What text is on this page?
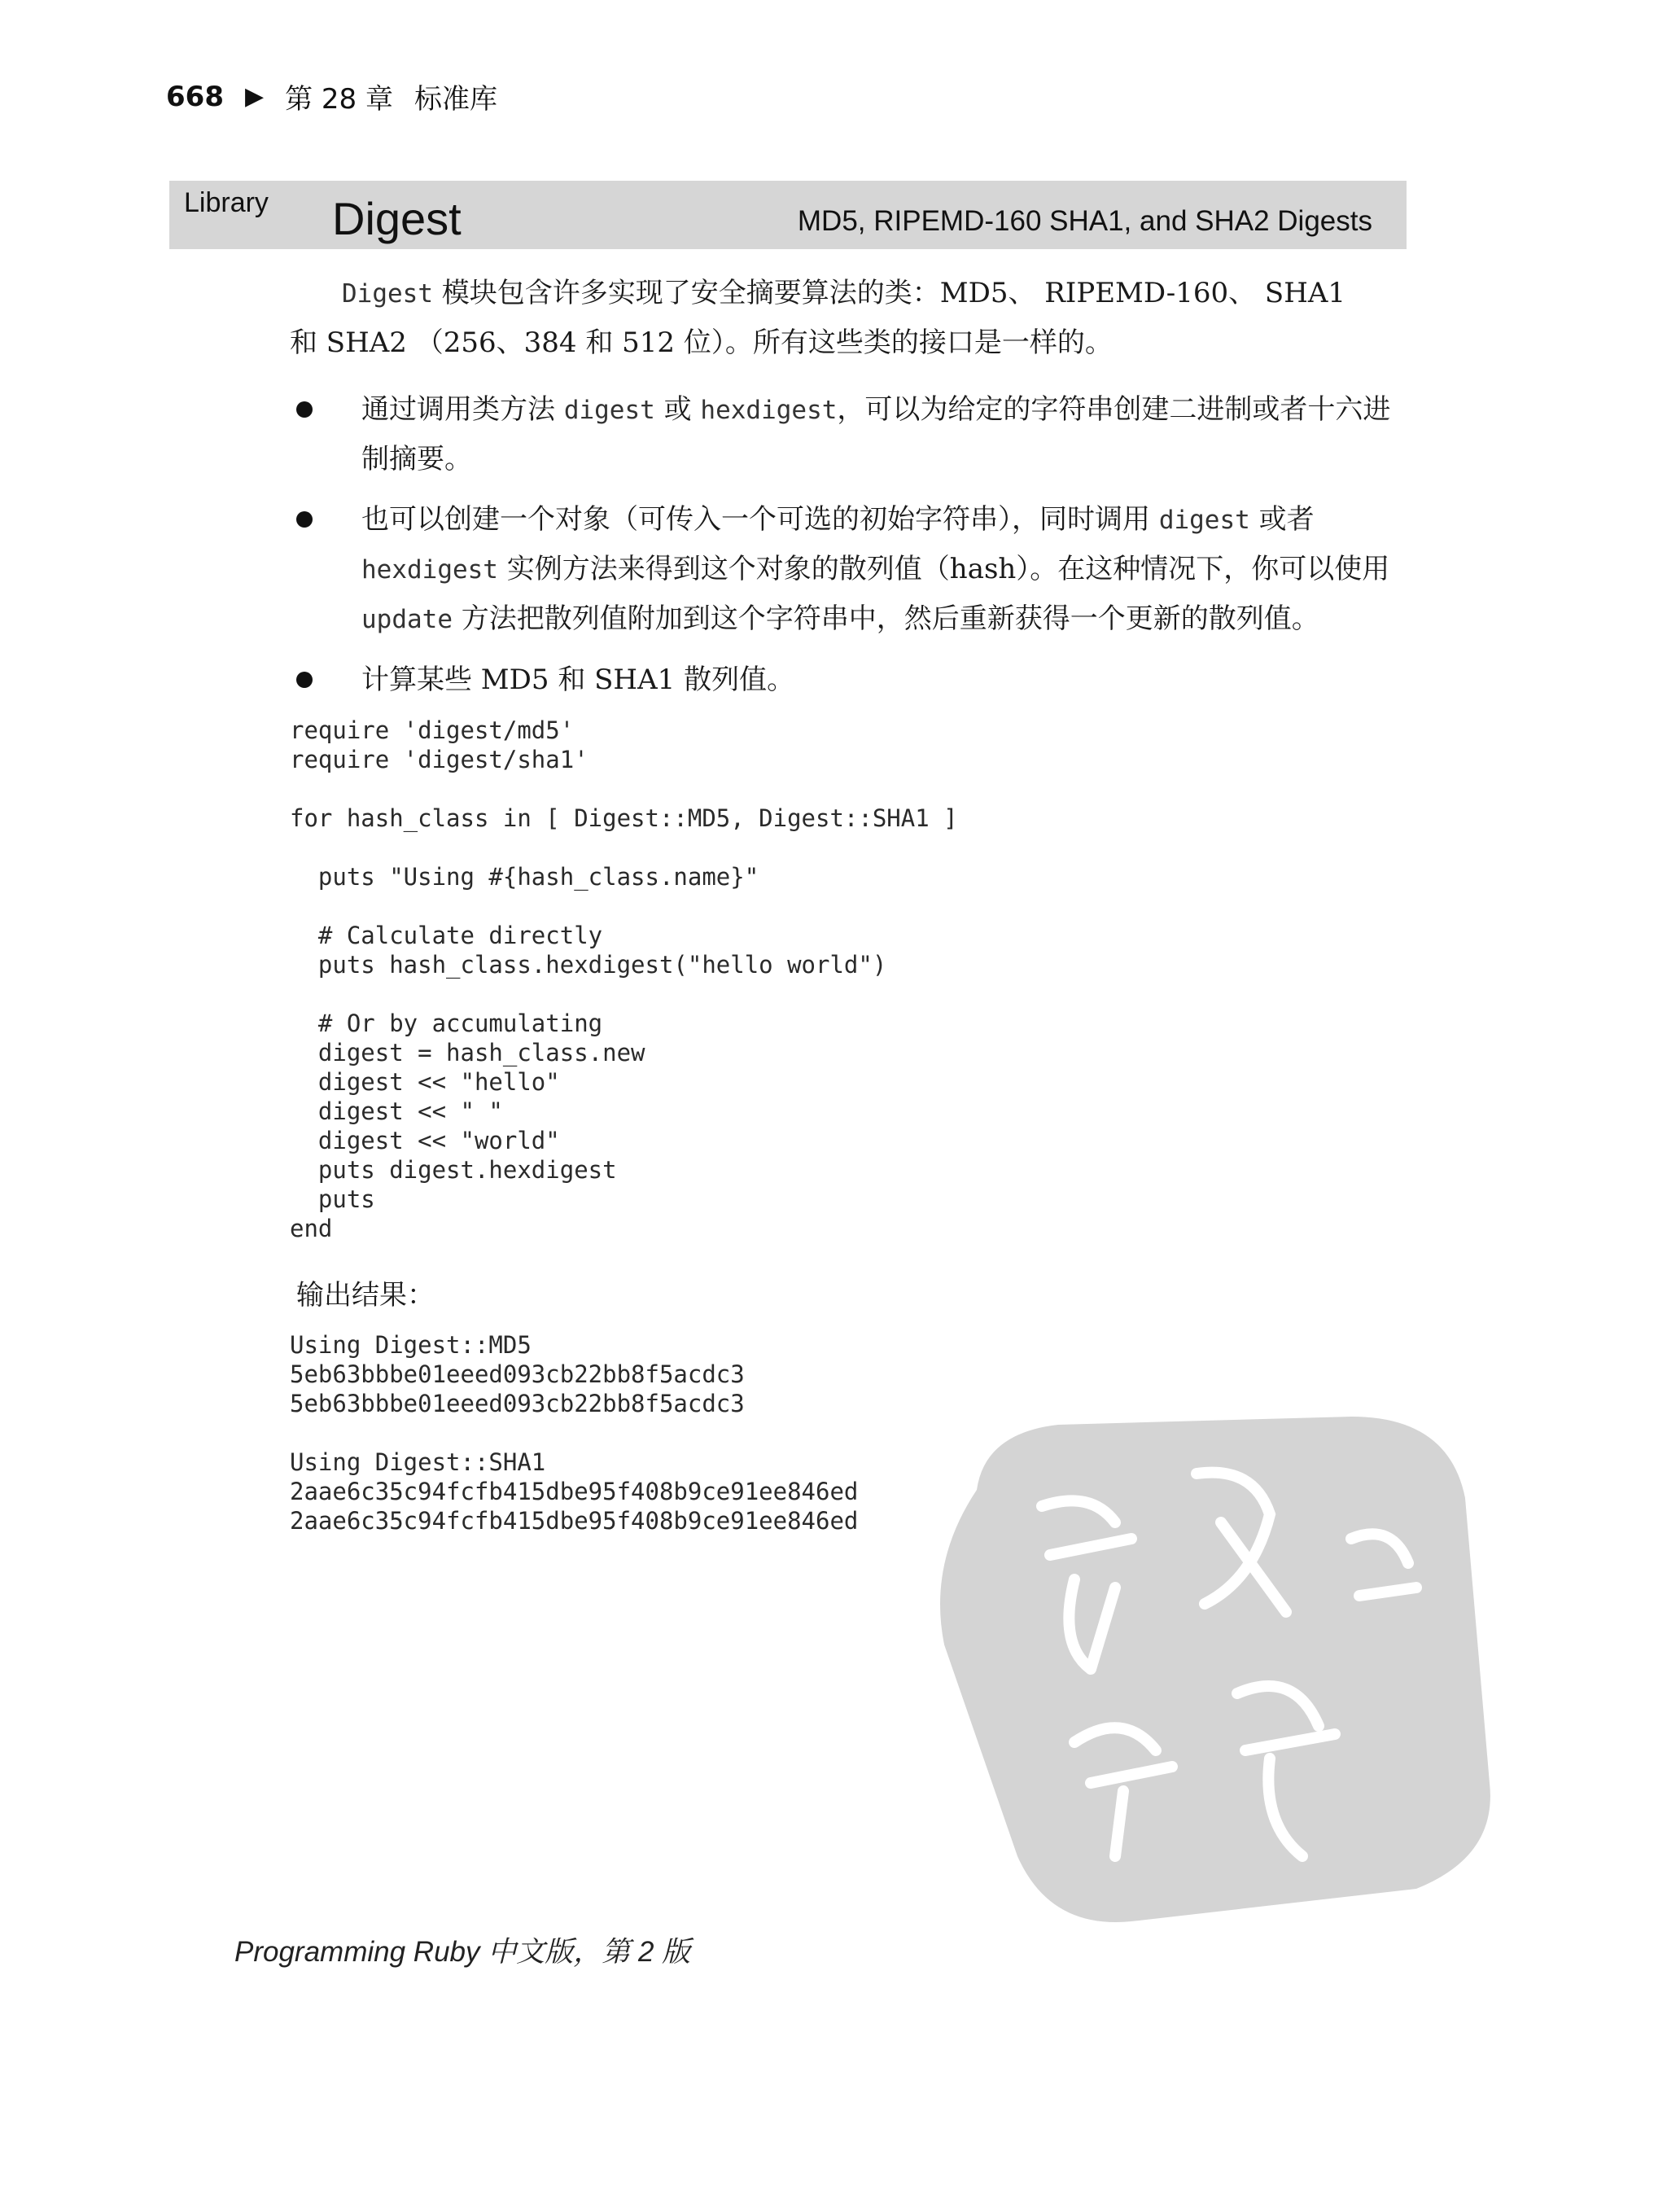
668 ▶ 第 28 章 标准库
Library Digest	MD5, RIPEMD-160 SHA1, and SHA2 Digests

Digest 模块包含许多实现了安全摘要算法的类：MD5、 RIPEMD-160、 SHA1
和 SHA2 （256、384 和 512 位）。所有这些类的接口是一样的。

通过调用类方法 digest 或 hexdigest，可以为给定的字符串创建二进制或者十六进制摘要。
也可以创建一个对象（可传入一个可选的初始字符串），同时调用 digest 或者 hexdigest 实例方法来得到这个对象的散列值（hash）。在这种情况下，你可以使用 update 方法把散列值附加到这个字符串中，然后重新获得一个更新的散列值。
计算某些 MD5 和 SHA1 散列值。
require 'digest/md5'
require 'digest/sha1'

for hash_class in [ Digest::MD5, Digest::SHA1 ]

puts "Using #{hash_class.name}"

# Calculate directly
puts hash_class.hexdigest("hello world")

# Or by accumulating
digest = hash_class.new
digest << "hello"
digest << " "
digest << "world"
puts digest.hexdigest
puts
end
输出结果：
Using Digest::MD5
5eb63bbbe01eeed093cb22bb8f5acdc3
5eb63bbbe01eeed093cb22bb8f5acdc3

Using Digest::SHA1
2aae6c35c94fcfb415dbe95f408b9ce91ee846ed
2aae6c35c94fcfb415dbe95f408b9ce91ee846ed
Programming Ruby 中文版，第 2 版
